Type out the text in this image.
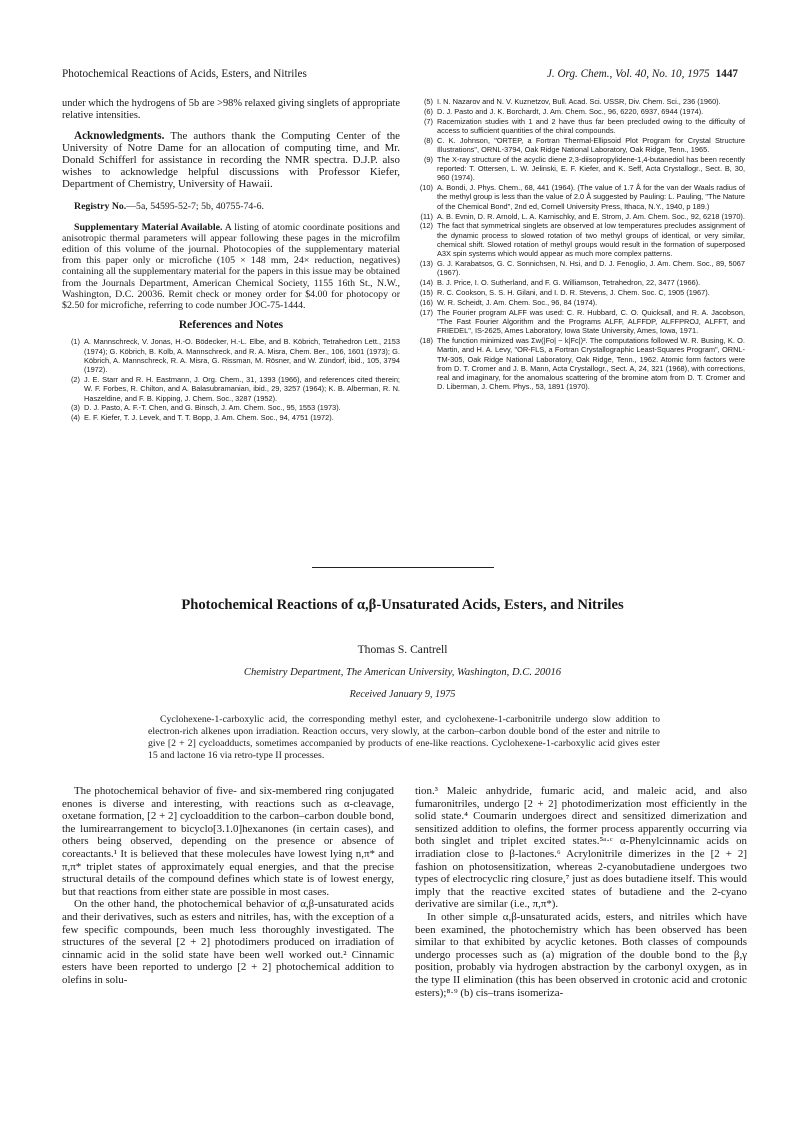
Photochemical Reactions of Acids, Esters, and Nitriles	J. Org. Chem., Vol. 40, No. 10, 1975 1447

under which the hydrogens of 5b are >98% relaxed giving singlets of appropriate relative intensities.

Acknowledgments. The authors thank the Computing Center of the University of Notre Dame for an allocation of computing time, and Mr. Donald Schifferl for assistance in recording the NMR spectra. D.J.P. also wishes to acknowledge helpful discussions with Professor Kiefer, Department of Chemistry, University of Hawaii.

Registry No.—5a, 54595-52-7; 5b, 40755-74-6.

Supplementary Material Available. A listing of atomic coordinate positions and anisotropic thermal parameters will appear following these pages in the microfilm edition of this volume of the journal. Photocopies of the supplementary material from this paper only or microfiche (105 × 148 mm, 24× reduction, negatives) containing all the supplementary material for the papers in this issue may be obtained from the Journals Department, American Chemical Society, 1155 16th St., N.W., Washington, D.C. 20036. Remit check or money order for $4.00 for photocopy or $2.50 for microfiche, referring to code number JOC-75-1444.

References and Notes
(1) A. Mannschreck, V. Jonas, H.-O. Bödecker, H.-L. Elbe, and B. Köbrich, Tetrahedron Lett., 2153 (1974); G. Köbrich, B. Kolb, A. Mannschreck, and R. A. Misra, Chem. Ber., 106, 1601 (1973); G. Köbrich, A. Mannschreck, R. A. Misra, G. Rissman, M. Rösner, and W. Zündorf, ibid., 105, 3794 (1972).
(2) J. E. Starr and R. H. Eastmann, J. Org. Chem., 31, 1393 (1966), and references cited therein; W. F. Forbes, R. Chilton, and A. Balasubramanian, ibid., 29, 3257 (1964); K. B. Alberman, R. N. Haszeldine, and F. B. Kipping, J. Chem. Soc., 3287 (1952).
(3) D. J. Pasto, A. F.-T. Chen, and G. Binsch, J. Am. Chem. Soc., 95, 1553 (1973).
(4) E. F. Kiefer, T. J. Levek, and T. T. Bopp, J. Am. Chem. Soc., 94, 4751 (1972).
(5) I. N. Nazarov and N. V. Kuznetzov, Bull. Acad. Sci. USSR, Div. Chem. Sci., 236 (1960).
(6) D. J. Pasto and J. K. Borchardt, J. Am. Chem. Soc., 96, 6220, 6937, 6944 (1974).
(7) Racemization studies with 1 and 2 have thus far been precluded owing to the difficulty of access to sufficient quantities of the chiral compounds.
(8) C. K. Johnson, "ORTEP, a Fortran Thermal-Ellipsoid Plot Program for Crystal Structure Illustrations", ORNL-3794, Oak Ridge National Laboratory, Oak Ridge, Tenn., 1965.
(9) The X-ray structure of the acyclic diene 2,3-diisopropylidene-1,4-butanediol has been recently reported: T. Ottersen, L. W. Jelinski, E. F. Kiefer, and K. Seff, Acta Crystallogr., Sect. B, 30, 960 (1974).
(10) A. Bondi, J. Phys. Chem., 68, 441 (1964). (The value of 1.7 Å for the van der Waals radius of the methyl group is less than the value of 2.0 Å suggested by Pauling: L. Pauling, "The Nature of the Chemical Bond", 2nd ed, Cornell University Press, Ithaca, N.Y., 1940, p 189.)
(11) A. B. Evnin, D. R. Arnold, L. A. Karnischky, and E. Strom, J. Am. Chem. Soc., 92, 6218 (1970).
(12) The fact that symmetrical singlets are observed at low temperatures precludes assignment of the dynamic process to slowed rotation of two methyl groups of identical, or very similar, chemical shift. Slowed rotation of methyl groups would result in the formation of superposed A3X spin systems which would appear as much more complex patterns.
(13) G. J. Karabatsos, G. C. Sonnichsen, N. Hsi, and D. J. Fenoglio, J. Am. Chem. Soc., 89, 5067 (1967).
(14) B. J. Price, I. O. Sutherland, and F. G. Williamson, Tetrahedron, 22, 3477 (1966).
(15) R. C. Cookson, S. S. H. Gilani, and I. D. R. Stevens, J. Chem. Soc. C, 1905 (1967).
(16) W. R. Scheidt, J. Am. Chem. Soc., 96, 84 (1974).
(17) The Fourier program ALFF was used: C. R. Hubbard, C. O. Quicksall, and R. A. Jacobson, "The Fast Fourier Algorithm and the Programs ALFF, ALFFDP, ALFFPROJ, ALFFT, and FRIEDEL", IS-2625, Ames Laboratory, Iowa State University, Ames, Iowa, 1971.
(18) The function minimized was Σw(|Fo| − k|Fc|)². The computations followed W. R. Busing, K. O. Martin, and H. A. Levy, "OR-FLS, a Fortran Crystallographic Least-Squares Program", ORNL-TM-305, Oak Ridge National Laboratory, Oak Ridge, Tenn., 1962. Atomic form factors were from D. T. Cromer and J. B. Mann, Acta Crystallogr., Sect. A, 24, 321 (1968), with corrections, real and imaginary, for the anomalous scattering of the bromine atom from D. T. Cromer and D. Liberman, J. Chem. Phys., 53, 1891 (1970).
Photochemical Reactions of α,β-Unsaturated Acids, Esters, and Nitriles
Thomas S. Cantrell
Chemistry Department, The American University, Washington, D.C. 20016
Received January 9, 1975
Cyclohexene-1-carboxylic acid, the corresponding methyl ester, and cyclohexene-1-carbonitrile undergo slow addition to electron-rich alkenes upon irradiation. Reaction occurs, very slowly, at the carbon–carbon double bond of the ester and nitrile to give [2 + 2] cycloadducts, sometimes accompanied by products of ene-like reactions. Cyclohexene-1-carboxylic acid gives ester 15 and lactone 16 via retro-type II processes.

The photochemical behavior of five- and six-membered ring conjugated enones is diverse and interesting, with reactions such as α-cleavage, oxetane formation, [2 + 2] cycloaddition to the carbon–carbon double bond, the lumirearrangement to bicyclo[3.1.0]hexanones (in certain cases), and others being observed, depending on the presence or absence of coreactants.¹ It is believed that these molecules have lowest lying n,π* and π,π* triplet states of approximately equal energies, and that the precise structural details of the compound defines which state is of lowest energy, but that reactions from either state are possible in most cases.

On the other hand, the photochemical behavior of α,β-unsaturated acids and their derivatives, such as esters and nitriles, has, with the exception of a few specific compounds, been much less thoroughly investigated. The structures of the several [2 + 2] photodimers produced on irradiation of cinnamic acid in the solid state have been well worked out.² Cinnamic esters have been reported to undergo [2 + 2] photochemical addition to olefins in solu-

tion.³ Maleic anhydride, fumaric acid, and maleic acid, and also fumaronitriles, undergo [2 + 2] photodimerization most efficiently in the solid state.⁴ Coumarin undergoes direct and sensitized dimerization and sensitized addition to olefins, the former process apparently occurring via both singlet and triplet excited states.⁵ᵃ·ᶜ α-Phenylcinnamic acids on irradiation close to β-lactones.⁶ Acrylonitrile dimerizes in the [2 + 2] fashion on photosensitization, whereas 2-cyanobutadiene undergoes two types of electrocyclic ring closure,⁷ just as does butadiene itself. This would imply that the reactive excited states of butadiene and the 2-cyano derivative are similar (i.e., π,π*).

In other simple α,β-unsaturated acids, esters, and nitriles which have been examined, the photochemistry which has been observed has been similar to that exhibited by acyclic ketones. Both classes of compounds undergo processes such as (a) migration of the double bond to the β,γ position, probably via hydrogen abstraction by the carbonyl oxygen, as in the type II elimination (this has been observed in crotonic acid and crotonic esters);⁸·⁹ (b) cis–trans isomeriza-
